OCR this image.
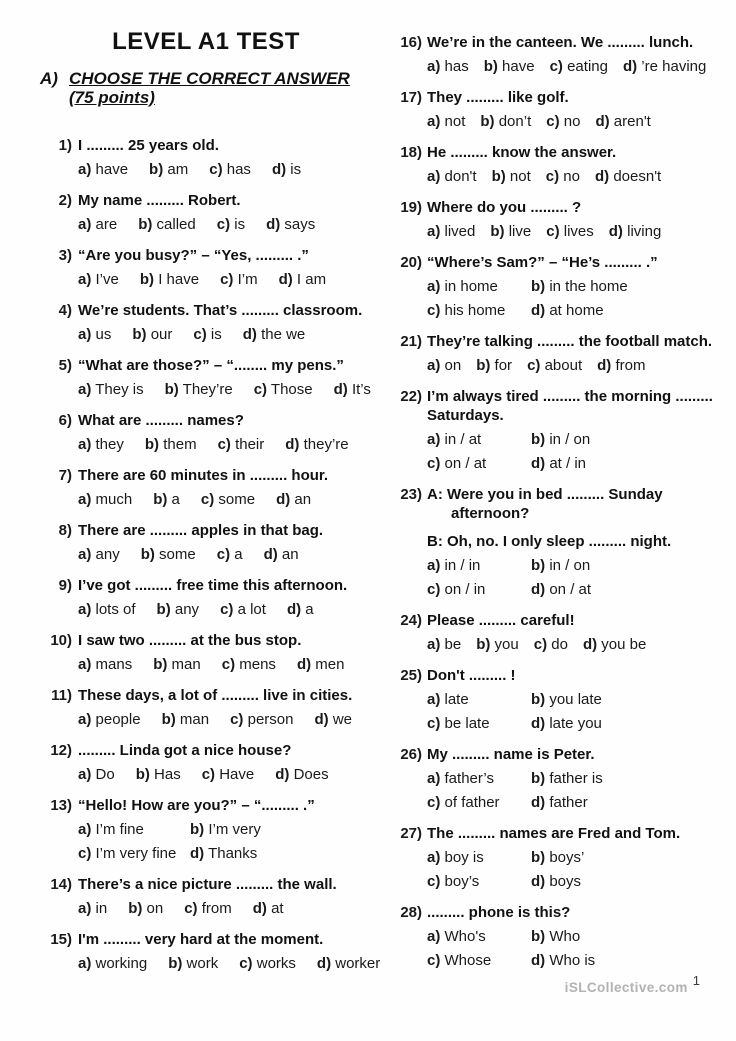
LEVEL A1 TEST
A) CHOOSE THE CORRECT ANSWER
(75 points)
1) I ......... 25 years old.
a) have b) am c) has d) is
2) My name ......... Robert.
a) are b) called c) is d) says
3) “Are you busy?” – “Yes, ......... .”
a) I’ve b) I have c) I’m d) I am
4) We’re students. That’s ......... classroom.
a) us b) our c) is d) the we
5) “What are those?” – “........ my pens.”
a) They is b) They’re c) Those d) It’s
6) What are ......... names?
a) they b) them c) their d) they’re
7) There are 60 minutes in ......... hour.
a) much b) a c) some d) an
8) There are ......... apples in that bag.
a) any b) some c) a d) an
9) I’ve got ......... free time this afternoon.
a) lots of b) any c) a lot d) a
10) I saw two ......... at the bus stop.
a) mans b) man c) mens d) men
11) These days, a lot of ......... live in cities.
a) people b) man c) person d) we
12) ......... Linda got a nice house?
a) Do b) Has c) Have d) Does
13) “Hello! How are you?” – “......... .”
a) I’m fine	b) I’m very
c) I’m very fine d) Thanks
14) There’s a nice picture ......... the wall.
a) in b) on c) from d) at
15) I'm ......... very hard at the moment.
a) working b) work c) works d) worker
16) We’re in the canteen. We ......... lunch.
a) has b) have c) eating d) ’re having
17) They ......... like golf.
a) not b) don’t c) no d) aren't
18) He ......... know the answer.
a) don't b) not c) no d) doesn't
19) Where do you ......... ?
a) lived b) live c) lives d) living
20) “Where’s Sam?” – “He’s ......... .”
a) in home	b) in the home
c) his home	d) at home
21) They’re talking ......... the football match.
a) on b) for c) about d) from
22) I’m always tired ......... the morning .........
Saturdays.
a) in / at	b) in / on
c) on / at	d) at / in
23) A: Were you in bed ......... Sunday
afternoon?
B: Oh, no. I only sleep ......... night.
a) in / in	b) in / on
c) on / in	d) on / at
24) Please ......... careful!
a) be b) you c) do d) you be
25) Don't ......... !
a) late	b) you late
c) be late	d) late you
26) My ......... name is Peter.
a) father’s	b) father is
c) of father	d) father
27) The ......... names are Fred and Tom.
a) boy is	b) boys’
c) boy’s	d) boys
28) ......... phone is this?
a) Who's	b) Who
c) Whose	d) Who is
iSLCollective.com $^1$
